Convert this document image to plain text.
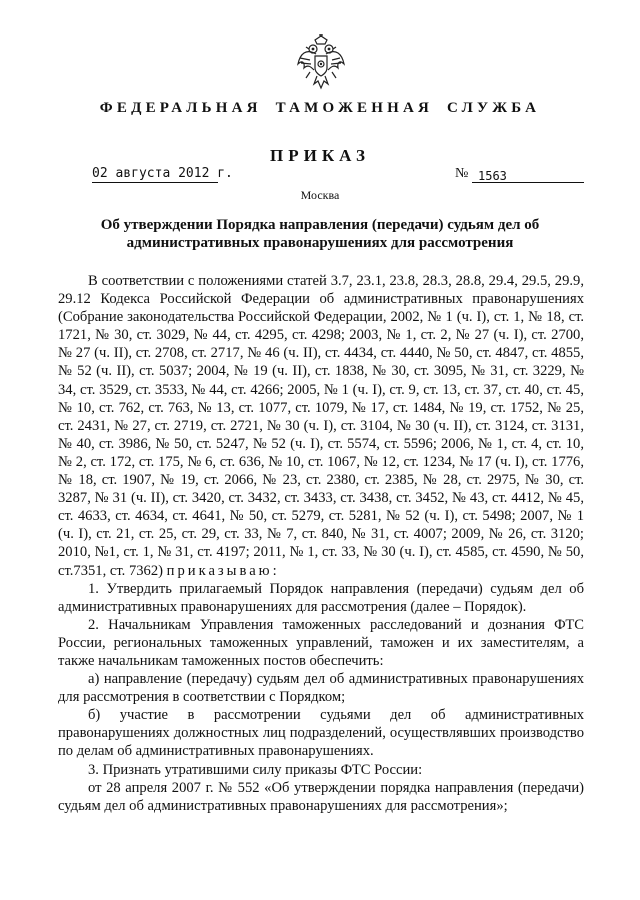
ФЕДЕРАЛЬНАЯ ТАМОЖЕННАЯ СЛУЖБА
ПРИКАЗ
02 августа 2012 г.	№ 1563
Москва
Об утверждении Порядка направления (передачи) судьям дел об административных правонарушениях для рассмотрения

В соответствии с положениями статей 3.7, 23.1, 23.8, 28.3, 28.8, 29.4, 29.5, 29.9, 29.12 Кодекса Российской Федерации об административных правонарушениях (Собрание законодательства Российской Федерации, 2002, № 1 (ч. I), ст. 1, № 18, ст. 1721, № 30, ст. 3029, № 44, ст. 4295, ст. 4298; 2003, № 1, ст. 2, № 27 (ч. I), ст. 2700, № 27 (ч. II), ст. 2708, ст. 2717, № 46 (ч. II), ст. 4434, ст. 4440, № 50, ст. 4847, ст. 4855, № 52 (ч. II), ст. 5037; 2004, № 19 (ч. II), ст. 1838, № 30, ст. 3095, № 31, ст. 3229, № 34, ст. 3529, ст. 3533, № 44, ст. 4266; 2005, № 1 (ч. I), ст. 9, ст. 13, ст. 37, ст. 40, ст. 45, № 10, ст. 762, ст. 763, № 13, ст. 1077, ст. 1079, № 17, ст. 1484, № 19, ст. 1752, № 25, ст. 2431, № 27, ст. 2719, ст. 2721, № 30 (ч. I), ст. 3104, № 30 (ч. II), ст. 3124, ст. 3131, № 40, ст. 3986, № 50, ст. 5247, № 52 (ч. I), ст. 5574, ст. 5596; 2006, № 1, ст. 4, ст. 10, № 2, ст. 172, ст. 175, № 6, ст. 636, № 10, ст. 1067, № 12, ст. 1234, № 17 (ч. I), ст. 1776, № 18, ст. 1907, № 19, ст. 2066, № 23, ст. 2380, ст. 2385, № 28, ст. 2975, № 30, ст. 3287, № 31 (ч. II), ст. 3420, ст. 3432, ст. 3433, ст. 3438, ст. 3452, № 43, ст. 4412, № 45, ст. 4633, ст. 4634, ст. 4641, № 50, ст. 5279, ст. 5281, № 52 (ч. I), ст. 5498; 2007, № 1 (ч. I), ст. 21, ст. 25, ст. 29, ст. 33, № 7, ст. 840, № 31, ст. 4007; 2009, № 26, ст. 3120; 2010, №1, ст. 1, № 31, ст. 4197; 2011, № 1, ст. 33, № 30 (ч. I), ст. 4585, ст. 4590, № 50, ст.7351, ст. 7362) приказываю:

1. Утвердить прилагаемый Порядок направления (передачи) судьям дел об административных правонарушениях для рассмотрения (далее – Порядок).

2. Начальникам Управления таможенных расследований и дознания ФТС России, региональных таможенных управлений, таможен и их заместителям, а также начальникам таможенных постов обеспечить:

а) направление (передачу) судьям дел об административных правонарушениях для рассмотрения в соответствии с Порядком;

б) участие в рассмотрении судьями дел об административных правонарушениях должностных лиц подразделений, осуществлявших производство по делам об административных правонарушениях.

3. Признать утратившими силу приказы ФТС России:

от 28 апреля 2007 г. № 552 «Об утверждении порядка направления (передачи) судьям дел об административных правонарушениях для рассмотрения»;
